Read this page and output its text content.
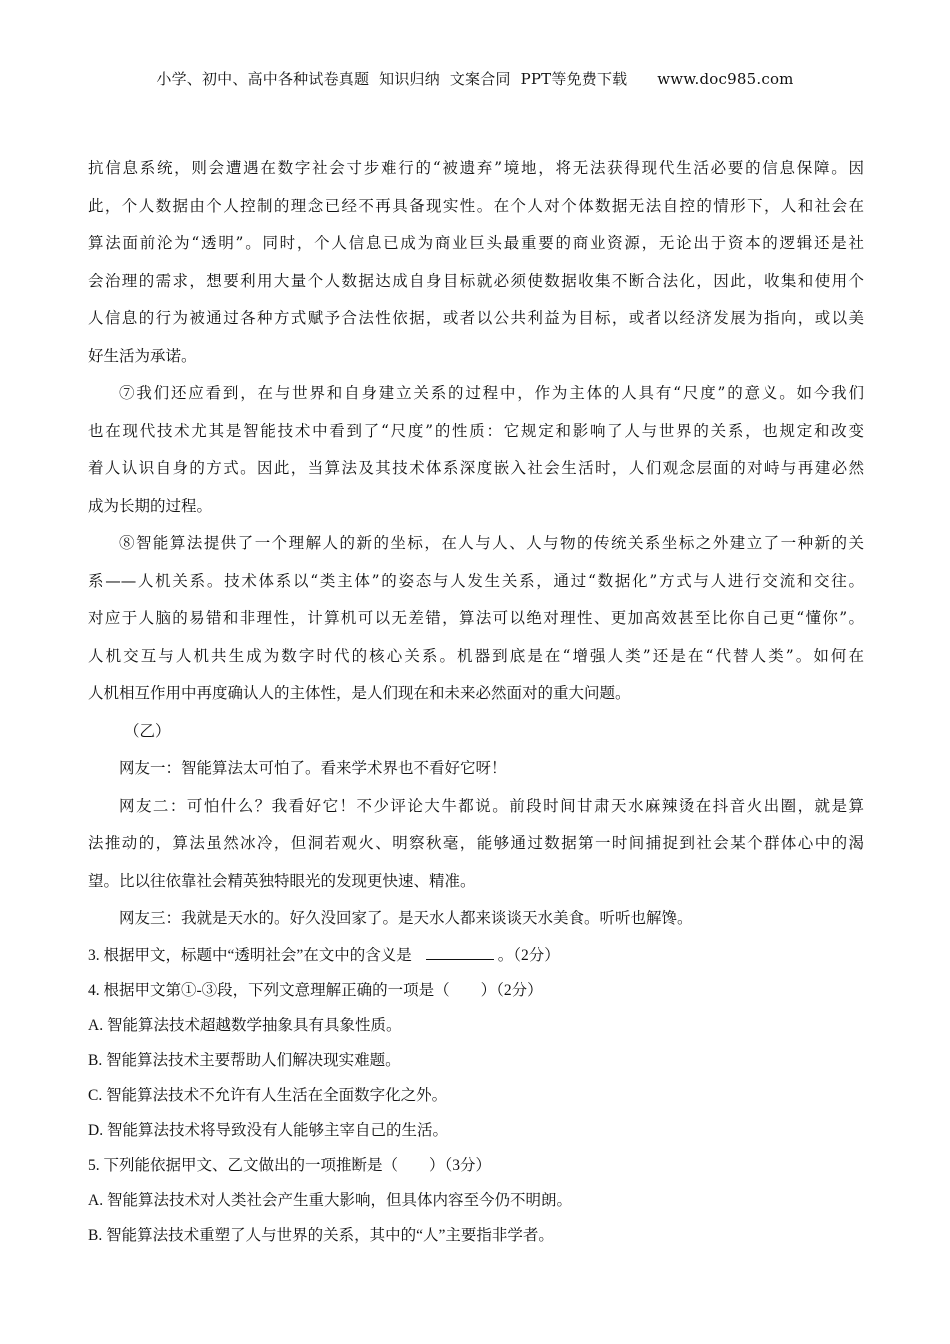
小学、初中、高中各种试卷真题  知识归纳  文案合同  PPT等免费下载 www.doc985.com

抗信息系统，则会遭遇在数字社会寸步难行的“被遗弃”境地，将无法获得现代生活必要的信息保障。因

此，个人数据由个人控制的理念已经不再具备现实性。在个人对个体数据无法自控的情形下，人和社会在

算法面前沦为“透明”。同时，个人信息已成为商业巨头最重要的商业资源，无论出于资本的逻辑还是社

会治理的需求，想要利用大量个人数据达成自身目标就必须使数据收集不断合法化，因此，收集和使用个

人信息的行为被通过各种方式赋予合法性依据，或者以公共利益为目标，或者以经济发展为指向，或以美

好生活为承诺。

⑦我们还应看到，在与世界和自身建立关系的过程中，作为主体的人具有“尺度”的意义。如今我们

也在现代技术尤其是智能技术中看到了“尺度”的性质：它规定和影响了人与世界的关系，也规定和改变

着人认识自身的方式。因此，当算法及其技术体系深度嵌入社会生活时，人们观念层面的对峙与再建必然

成为长期的过程。

⑧智能算法提供了一个理解人的新的坐标，在人与人、人与物的传统关系坐标之外建立了一种新的关

系——人机关系。技术体系以“类主体”的姿态与人发生关系，通过“数据化”方式与人进行交流和交往。

对应于人脑的易错和非理性，计算机可以无差错，算法可以绝对理性、更加高效甚至比你自己更“懂你”。

人机交互与人机共生成为数字时代的核心关系。机器到底是在“增强人类”还是在“代替人类”。如何在

人机相互作用中再度确认人的主体性，是人们现在和未来必然面对的重大问题。

（乙）

网友一：智能算法太可怕了。看来学术界也不看好它呀！

网友二：可怕什么？我看好它！不少评论大牛都说。前段时间甘肃天水麻辣烫在抖音火出圈，就是算

法推动的，算法虽然冰冷，但洞若观火、明察秋毫，能够通过数据第一时间捕捉到社会某个群体心中的渴

望。比以往依靠社会精英独特眼光的发现更快速、精准。

网友三：我就是天水的。好久没回家了。是天水人都来谈谈天水美食。听听也解馋。

3. 根据甲文，标题中“透明社会”在文中的含义是	。（2分）

4. 根据甲文第①-③段，下列文意理解正确的一项是（　　）（2分）

A. 智能算法技术超越数学抽象具有具象性质。

B. 智能算法技术主要帮助人们解决现实难题。

C. 智能算法技术不允许有人生活在全面数字化之外。

D. 智能算法技术将导致没有人能够主宰自己的生活。

5. 下列能依据甲文、乙文做出的一项推断是（　　）（3分）

A. 智能算法技术对人类社会产生重大影响，但具体内容至今仍不明朗。

B. 智能算法技术重塑了人与世界的关系，其中的“人”主要指非学者。
